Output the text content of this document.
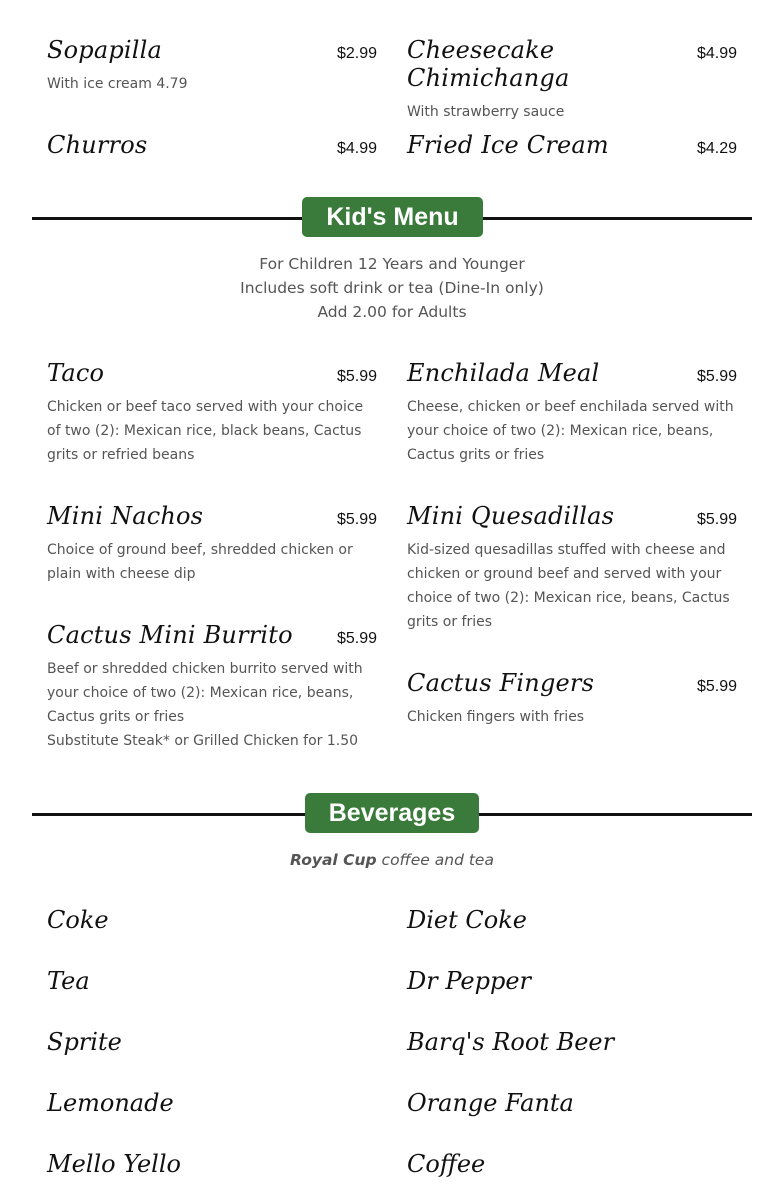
Sopapilla	$2.99
With ice cream 4.79
Churros	$4.99
Cheesecake Chimichanga
$4.99
With strawberry sauce
Fried Ice Cream	$4.29
Kid's Menu
For Children 12 Years and Younger
Includes soft drink or tea (Dine-In only)
Add 2.00 for Adults
Taco	$5.99
Chicken or beef taco served with your choice of two (2): Mexican rice, black beans, Cactus grits or refried beans
Mini Nachos	$5.99
Choice of ground beef, shredded chicken or plain with cheese dip
Cactus Mini Burrito	$5.99
Beef or shredded chicken burrito served with your choice of two (2): Mexican rice, beans, Cactus grits or fries
Substitute Steak* or Grilled Chicken for 1.50
Enchilada Meal	$5.99
Cheese, chicken or beef enchilada served with your choice of two (2): Mexican rice, beans, Cactus grits or fries
Mini Quesadillas	$5.99
Kid-sized quesadillas stuffed with cheese and chicken or ground beef and served with your choice of two (2): Mexican rice, beans, Cactus grits or fries
Cactus Fingers	$5.99
Chicken fingers with fries
Beverages
Royal Cup coffee and tea
Coke
Tea
Sprite
Lemonade
Mello Yello
Diet Coke
Dr Pepper
Barq's Root Beer
Orange Fanta
Coffee
